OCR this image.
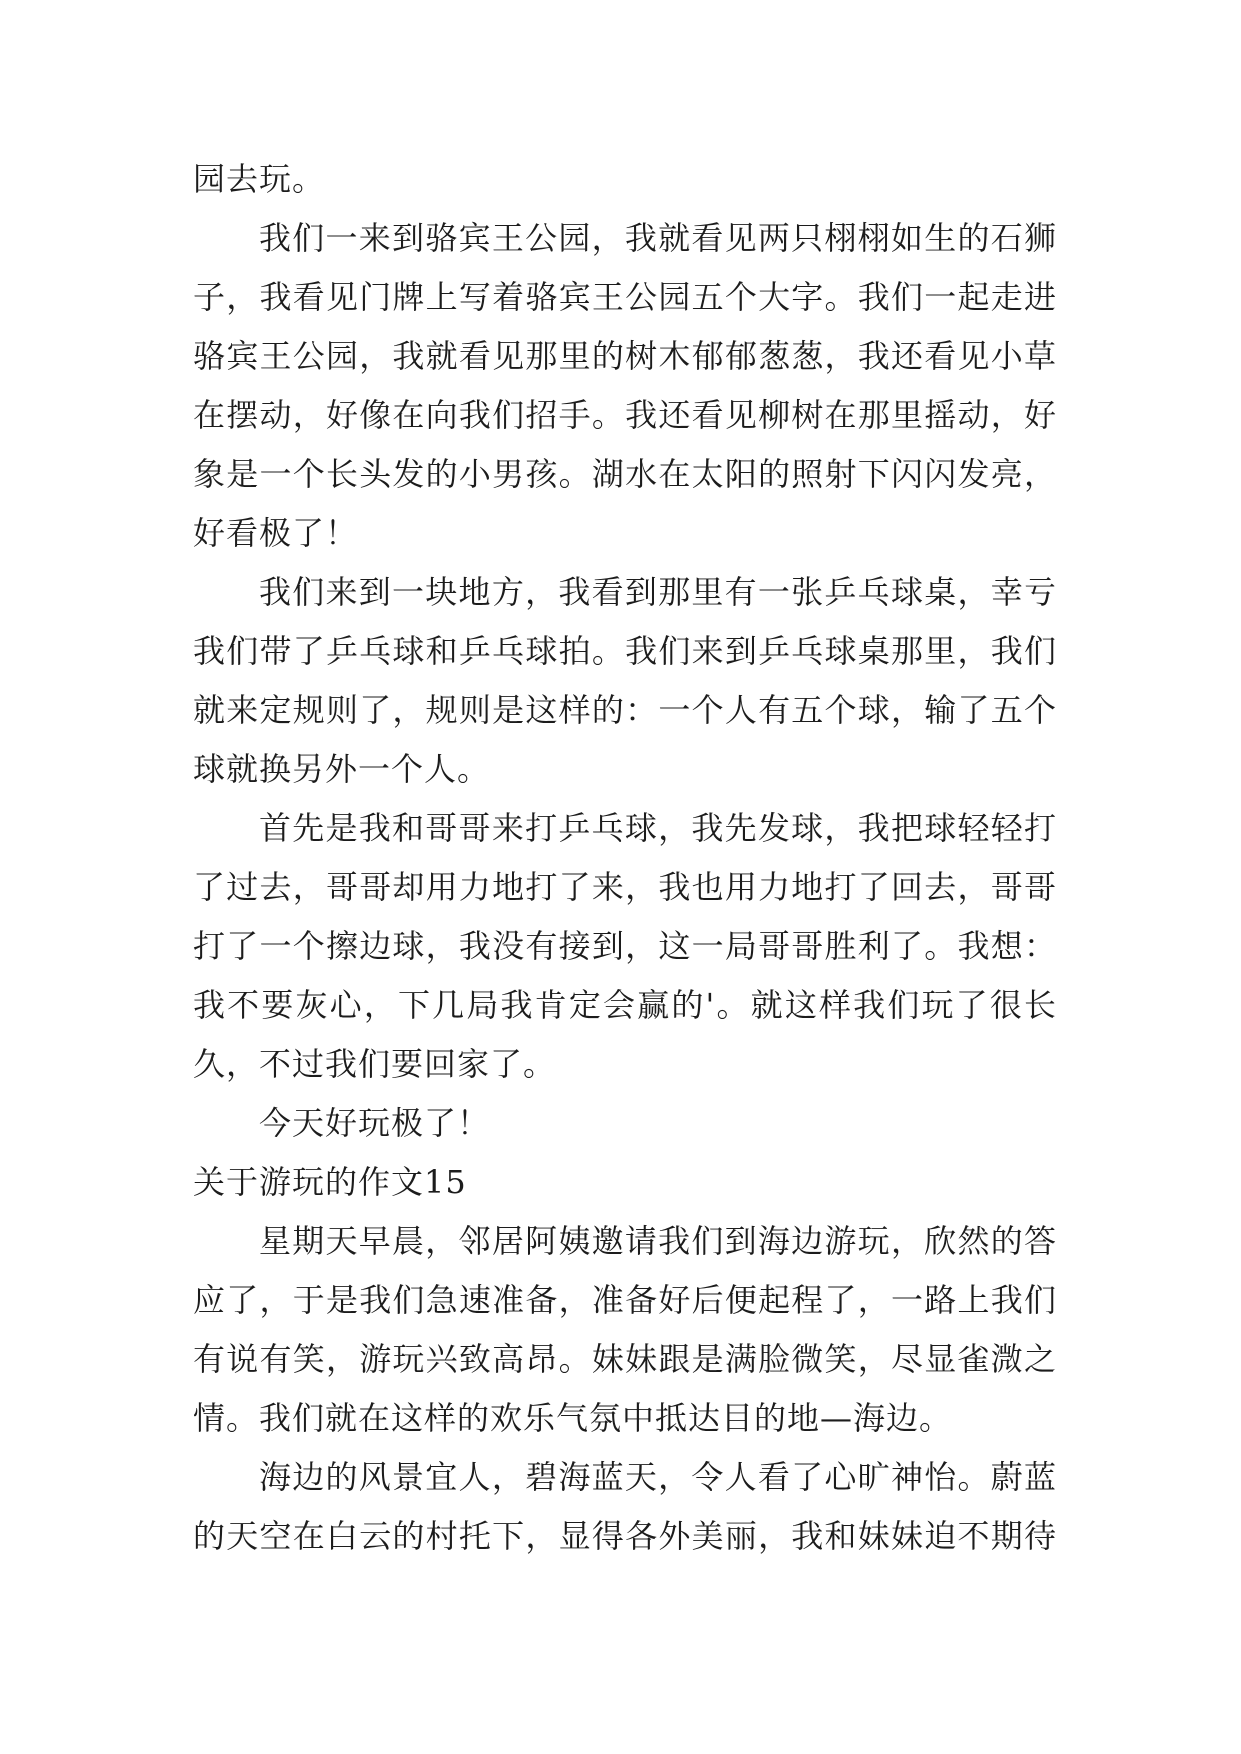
园去玩。
我们一来到骆宾王公园，我就看见两只栩栩如生的石狮
子，我看见门牌上写着骆宾王公园五个大字。我们一起走进
骆宾王公园，我就看见那里的树木郁郁葱葱，我还看见小草
在摆动，好像在向我们招手。我还看见柳树在那里摇动，好
象是一个长头发的小男孩。湖水在太阳的照射下闪闪发亮，
好看极了！
我们来到一块地方，我看到那里有一张乒乓球桌，幸亏
我们带了乒乓球和乒乓球拍。我们来到乒乓球桌那里，我们
就来定规则了，规则是这样的：一个人有五个球，输了五个
球就换另外一个人。
首先是我和哥哥来打乒乓球，我先发球，我把球轻轻打
了过去，哥哥却用力地打了来，我也用力地打了回去，哥哥
打了一个擦边球，我没有接到，这一局哥哥胜利了。我想：
我不要灰心，下几局我肯定会赢的'。就这样我们玩了很长
久，不过我们要回家了。
今天好玩极了！
关于游玩的作文15
星期天早晨，邻居阿姨邀请我们到海边游玩，欣然的答
应了，于是我们急速准备，准备好后便起程了，一路上我们
有说有笑，游玩兴致高昂。妹妹跟是满脸微笑，尽显雀溦之
情。我们就在这样的欢乐气氛中抵达目的地—海边。
海边的风景宜人，碧海蓝天，令人看了心旷神怡。蔚蓝
的天空在白云的村托下，显得各外美丽，我和妹妹迫不期待
